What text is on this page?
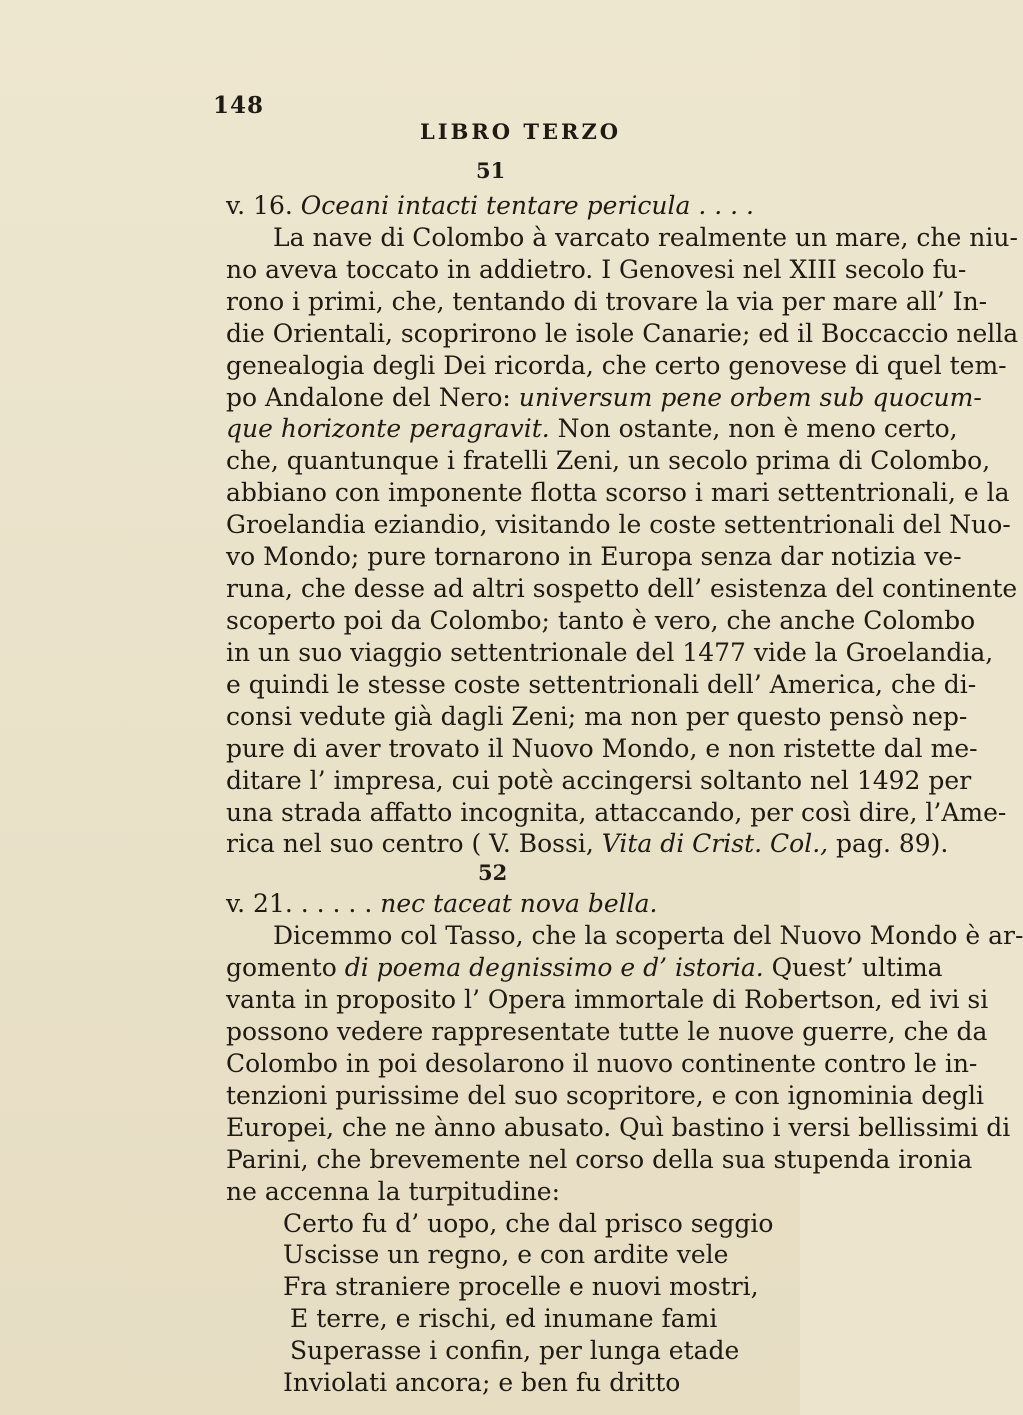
148
LIBRO TERZO
51
v. 16. Oceani intacti tentare pericula . . . .
La nave di Colombo à varcato realmente un mare, che niu-
no aveva toccato in addietro. I Genovesi nel XIII secolo fu-
rono i primi, che, tentando di trovare la via per mare all’ In-
die Orientali, scoprirono le isole Canarie; ed il Boccaccio nella
genealogia degli Dei ricorda, che certo genovese di quel tem-
po Andalone del Nero: universum pene orbem sub quocum-
que horizonte peragravit. Non ostante, non è meno certo,
che, quantunque i fratelli Zeni, un secolo prima di Colombo,
abbiano con imponente flotta scorso i mari settentrionali, e la
Groelandia eziandio, visitando le coste settentrionali del Nuo-
vo Mondo; pure tornarono in Europa senza dar notizia ve-
runa, che desse ad altri sospetto dell’ esistenza del continente
scoperto poi da Colombo; tanto è vero, che anche Colombo
in un suo viaggio settentrionale del 1477 vide la Groelandia,
e quindi le stesse coste settentrionali dell’ America, che di-
consi vedute già dagli Zeni; ma non per questo pensò nep-
pure di aver trovato il Nuovo Mondo, e non ristette dal me-
ditare l’ impresa, cui potè accingersi soltanto nel 1492 per
una strada affatto incognita, attaccando, per così dire, l’Ame-
rica nel suo centro ( V. Bossi, Vita di Crist. Col., pag. 89).
52
v. 21. . . . . . nec taceat nova bella.
Dicemmo col Tasso, che la scoperta del Nuovo Mondo è ar-
gomento di poema degnissimo e d’ istoria. Quest’ ultima
vanta in proposito l’ Opera immortale di Robertson, ed ivi si
possono vedere rappresentate tutte le nuove guerre, che da
Colombo in poi desolarono il nuovo continente contro le in-
tenzioni purissime del suo scopritore, e con ignominia degli
Europei, che ne ànno abusato. Quì bastino i versi bellissimi di
Parini, che brevemente nel corso della sua stupenda ironia
ne accenna la turpitudine:
Certo fu d’ uopo, che dal prisco seggio
Uscisse un regno, e con ardite vele
Fra straniere procelle e nuovi mostri,
E terre, e rischi, ed inumane fami
Superasse i confin, per lunga etade
Inviolati ancora; e ben fu dritto
